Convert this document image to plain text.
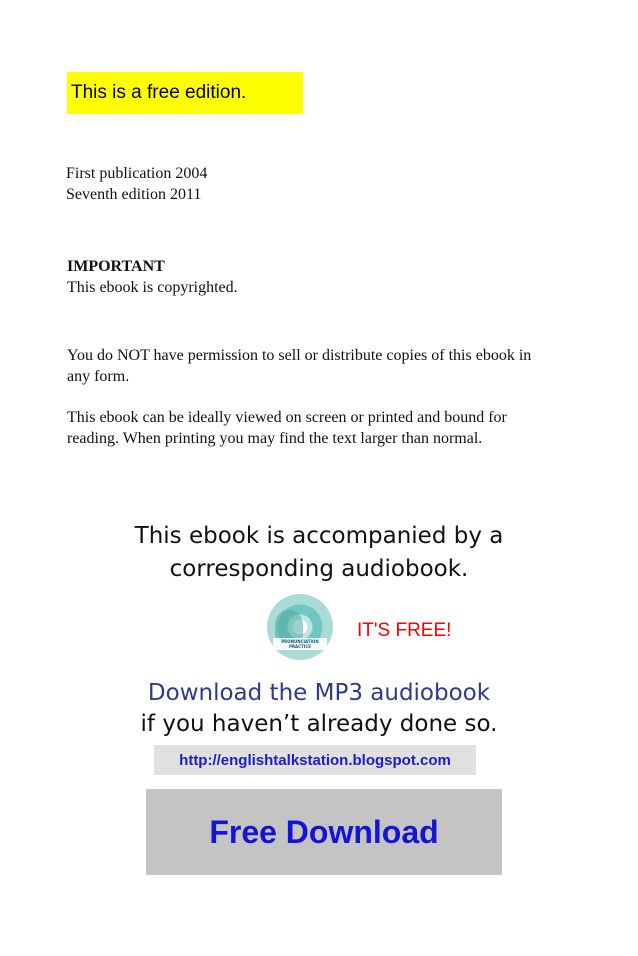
This is a free edition.
First publication 2004
Seventh edition 2011
IMPORTANT
This ebook is copyrighted.
You do NOT have permission to sell or distribute copies of this ebook in any form.
This ebook can be ideally viewed on screen or printed and bound for reading. When printing you may find the text larger than normal.
This ebook is accompanied by a
corresponding audiobook.
PRONUNCIATION PRACTICE
IT'S FREE!
Download the MP3 audiobook
if you haven’t already done so.
http://englishtalkstation.blogspot.com
Free Download
